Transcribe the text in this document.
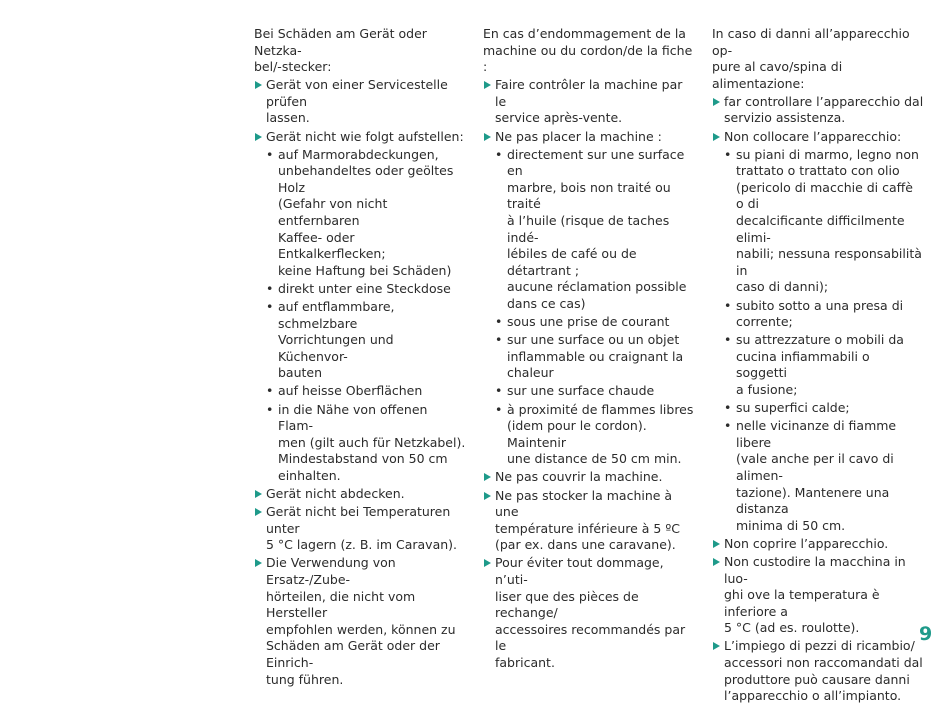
Bei Schäden am Gerät oder Netzka-
bel/-stecker:
Gerät von einer Servicestelle prüfen
lassen.
Gerät nicht wie folgt aufstellen:
• auf Marmorabdeckungen,
unbehandeltes oder geöltes Holz
(Gefahr von nicht entfernbaren
Kaffee- oder Entkalkerflecken;
keine Haftung bei Schäden)
• direkt unter eine Steckdose
• auf entflammbare, schmelzbare
Vorrichtungen und Küchenvor-
bauten
• auf heisse Oberflächen
• in die Nähe von offenen Flam-
men (gilt auch für Netzkabel).
Mindestabstand von 50 cm
einhalten.
Gerät nicht abdecken.
Gerät nicht bei Temperaturen unter
5 °C lagern (z. B. im Caravan).
Die Verwendung von Ersatz-/Zube-
hörteilen, die nicht vom Hersteller
empfohlen werden, können zu
Schäden am Gerät oder der Einrich-
tung führen.
En cas d’endommagement de la
machine ou du cordon/de la fiche :
Faire contrôler la machine par le
service après-vente.
Ne pas placer la machine :
• directement sur une surface en
marbre, bois non traité ou traité
à l’huile (risque de taches indé-
lébiles de café ou de détartrant ;
aucune réclamation possible
dans ce cas)
• sous une prise de courant
• sur une surface ou un objet
inflammable ou craignant la
chaleur
• sur une surface chaude
• à proximité de flammes libres
(idem pour le cordon). Maintenir
une distance de 50 cm min.
Ne pas couvrir la machine.
Ne pas stocker la machine à une
température inférieure à 5 ºC
(par ex. dans une caravane).
Pour éviter tout dommage, n’uti-
liser que des pièces de rechange/
accessoires recommandés par le
fabricant.
In caso di danni all’apparecchio op-
pure al cavo/spina di alimentazione:
far controllare l’apparecchio dal
servizio assistenza.
Non collocare l’apparecchio:
• su piani di marmo, legno non
trattato o trattato con olio
(pericolo di macchie di caffè o di
decalcificante difficilmente elimi-
nabili; nessuna responsabilità in
caso di danni);
• subito sotto a una presa di
corrente;
• su attrezzature o mobili da
cucina infiammabili o soggetti
a fusione;
• su superfici calde;
• nelle vicinanze di fiamme libere
(vale anche per il cavo di alimen-
tazione). Mantenere una distanza
minima di 50 cm.
Non coprire l’apparecchio.
Non custodire la macchina in luo-
ghi ove la temperatura è inferiore a
5 °C (ad es. roulotte).
L’impiego di pezzi di ricambio/
accessori non raccomandati dal
produttore può causare danni
l’apparecchio o all’impianto.
9
